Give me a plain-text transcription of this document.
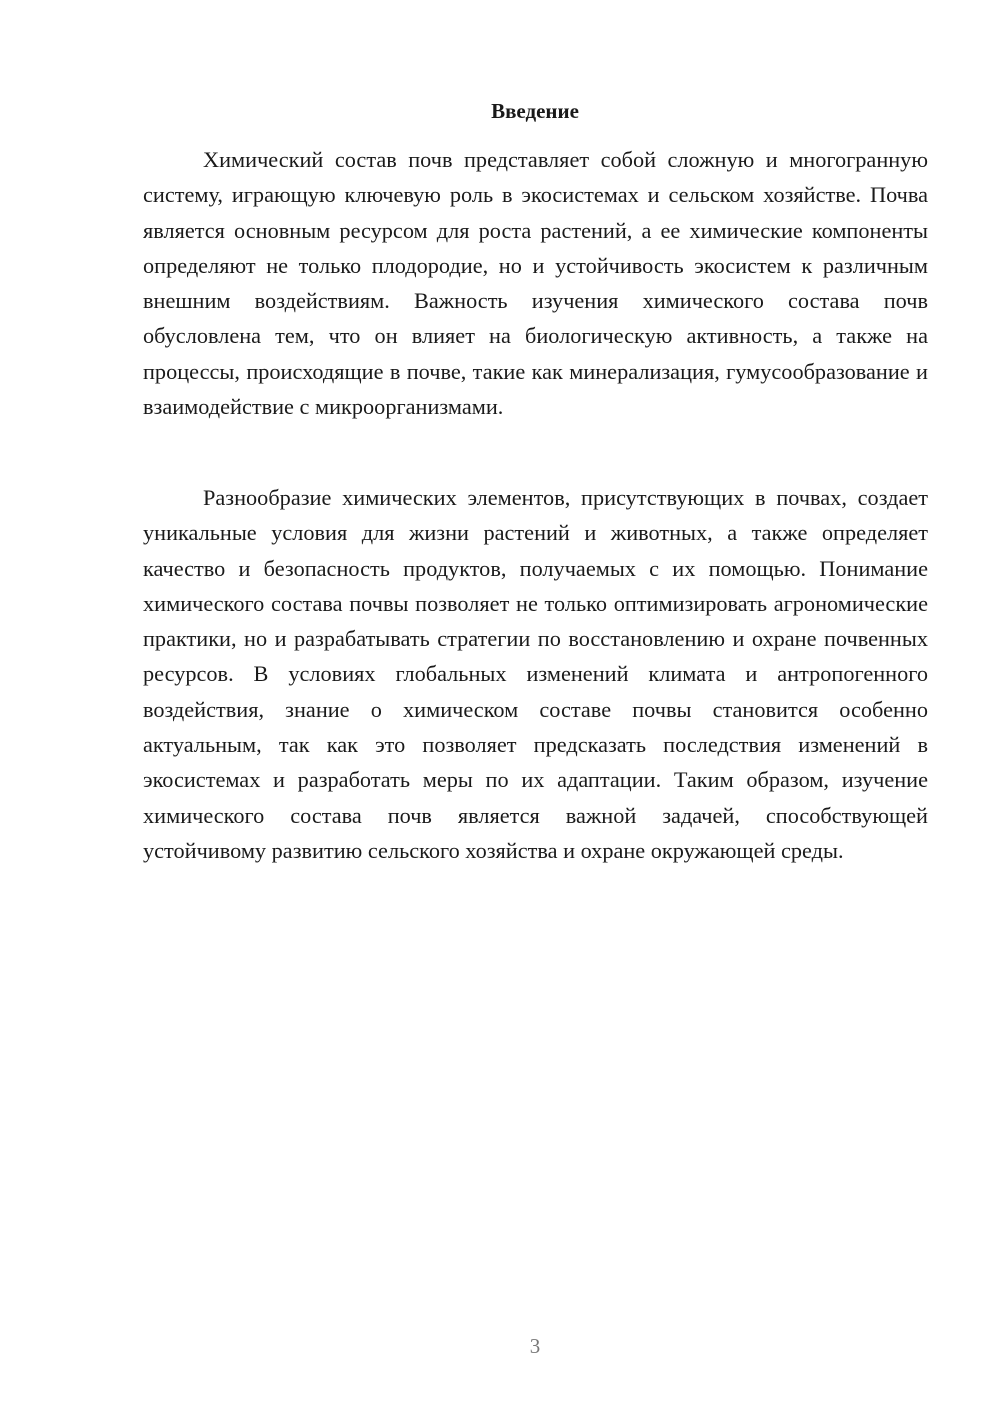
Введение

Химический состав почв представляет собой сложную и многогранную систему, играющую ключевую роль в экосистемах и сельском хозяйстве. Почва является основным ресурсом для роста растений, а ее химические компоненты определяют не только плодородие, но и устойчивость экосистем к различным внешним воздействиям. Важность изучения химического состава почв обусловлена тем, что он влияет на биологическую активность, а также на процессы, происходящие в почве, такие как минерализация, гумусообразование и взаимодействие с микроорганизмами.

Разнообразие химических элементов, присутствующих в почвах, создает уникальные условия для жизни растений и животных, а также определяет качество и безопасность продуктов, получаемых с их помощью. Понимание химического состава почвы позволяет не только оптимизировать агрономические практики, но и разрабатывать стратегии по восстановлению и охране почвенных ресурсов. В условиях глобальных изменений климата и антропогенного воздействия, знание о химическом составе почвы становится особенно актуальным, так как это позволяет предсказать последствия изменений в экосистемах и разработать меры по их адаптации. Таким образом, изучение химического состава почв является важной задачей, способствующей устойчивому развитию сельского хозяйства и охране окружающей среды.

3
